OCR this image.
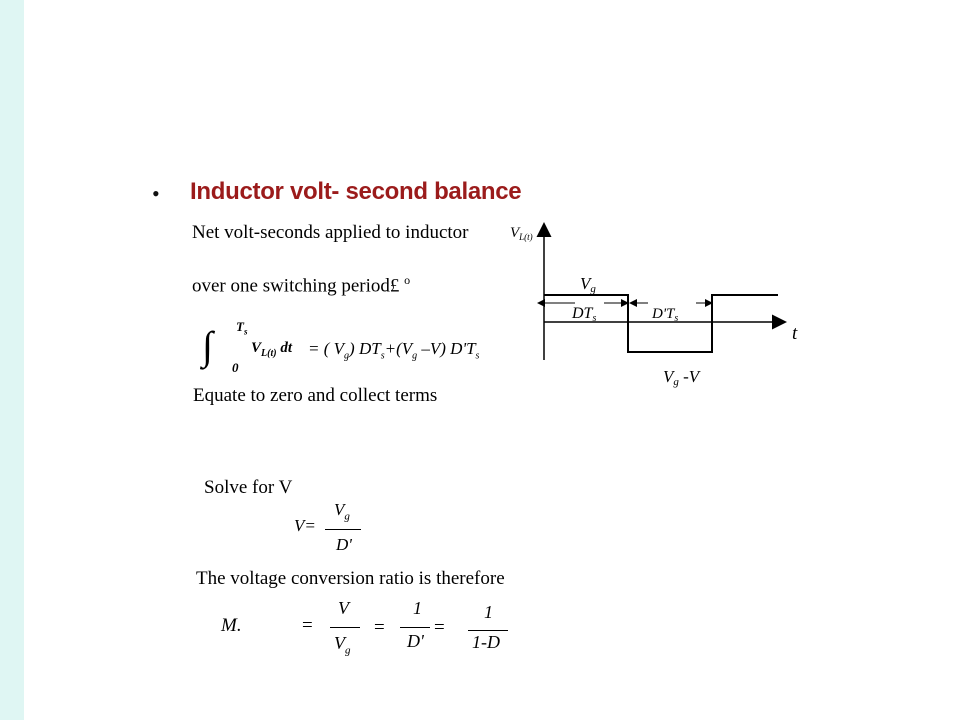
• Inductor volt- second balance
Net volt-seconds applied to inductor
over one switching period£ $^o$
∫ $T_s$
0
$V_{L(t)}$ dt = ( $V_g$) $DT_s+(V_g$ –V) $D'T_s$
Equate to zero and collect terms
Solve for V
V=
$V_g$
D'
The voltage conversion ratio is therefore
M.	=
V
$V_g$
=
1
D'
=
1
1-D
$V_{L(t)}$
t
Vg
Vg -V
DTs	$D'T_s$
